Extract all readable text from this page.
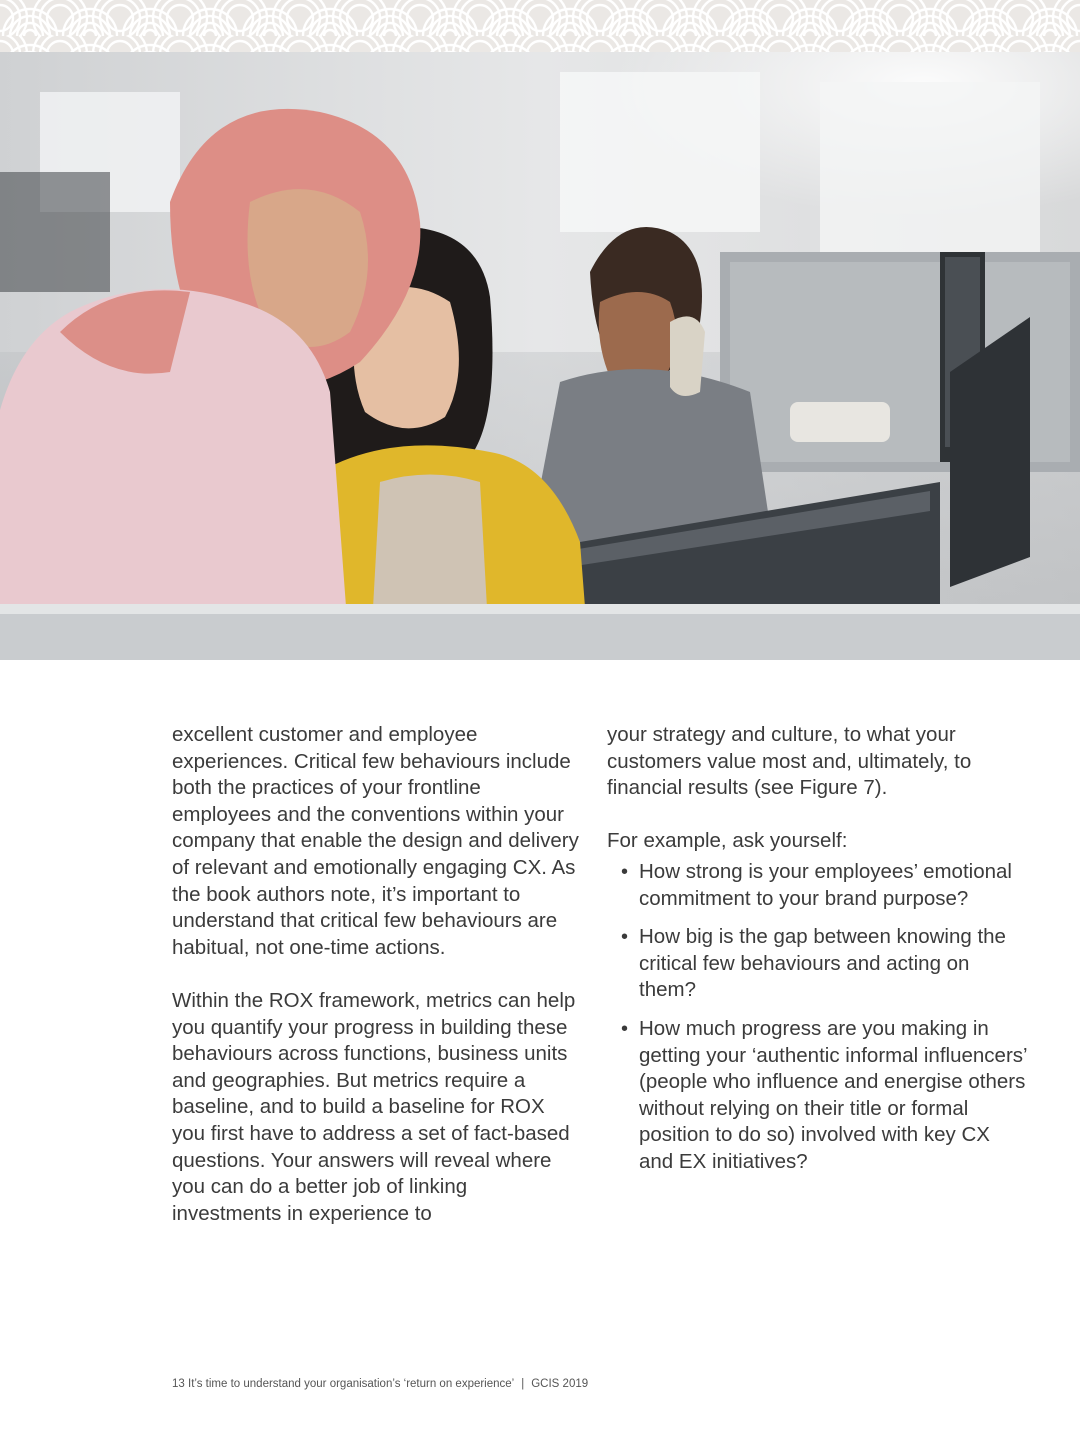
excellent customer and employee experiences. Critical few behaviours include both the practices of your frontline employees and the conventions within your company that enable the design and delivery of relevant and emotionally engaging CX. As the book authors note, it’s important to understand that critical few behaviours are habitual, not one-time actions.

Within the ROX framework, metrics can help you quantify your progress in building these behaviours across functions, business units and geographies. But metrics require a baseline, and to build a baseline for ROX you first have to address a set of fact-based questions. Your answers will reveal where you can do a better job of linking investments in experience to

your strategy and culture, to what your customers value most and, ultimately, to financial results (see Figure 7).

For example, ask yourself:

• How strong is your employees’ emotional commitment to your brand purpose?
• How big is the gap between knowing the critical few behaviours and acting on them?
• How much progress are you making in getting your ‘authentic informal influencers’ (people who influence and energise others without relying on their title or formal position to do so) involved with key CX and EX initiatives?
13 It’s time to understand your organisation’s ‘return on experience’ | GCIS 2019
